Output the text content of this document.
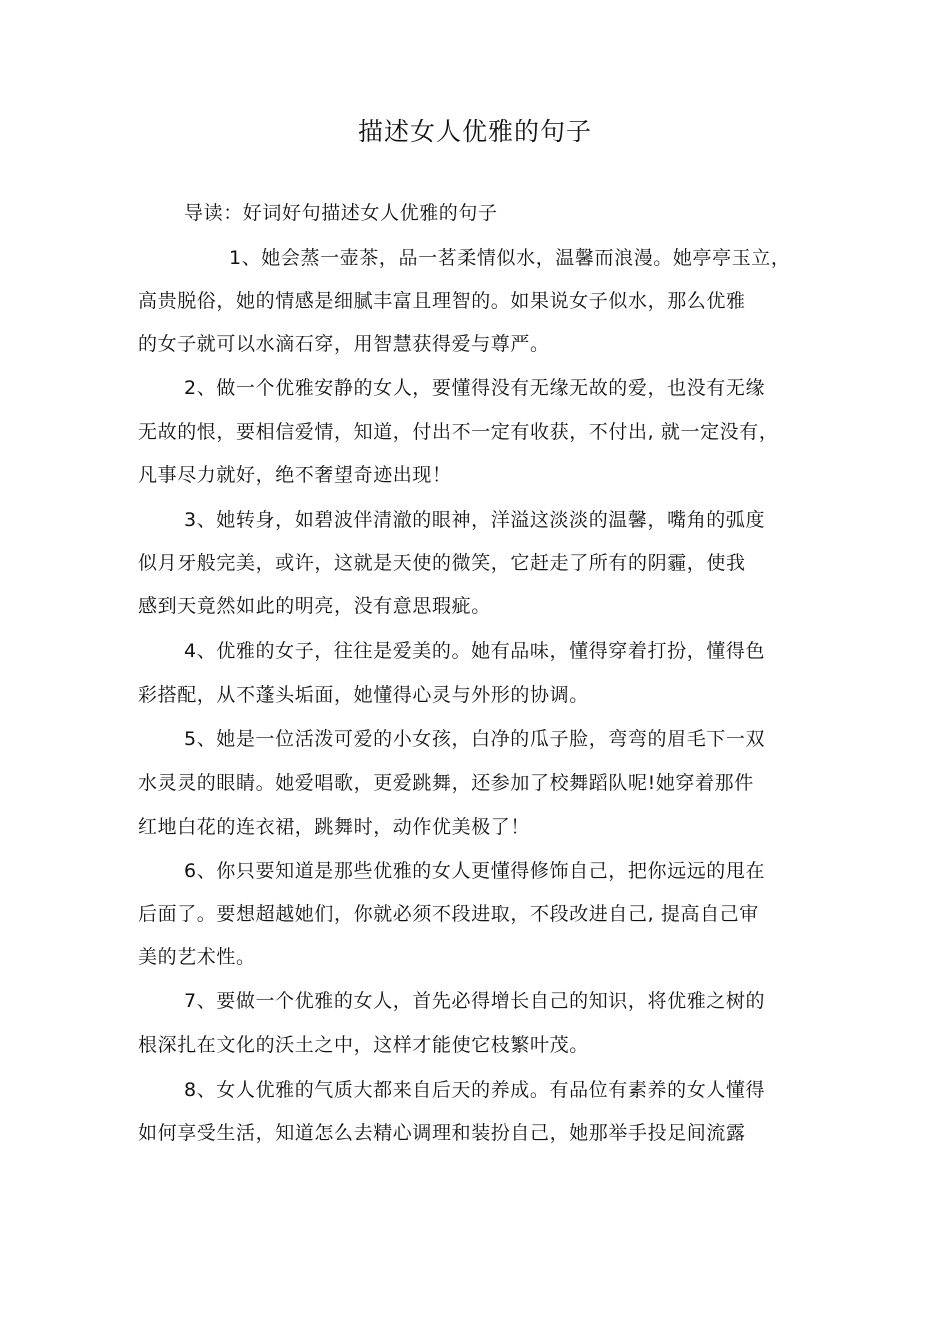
描述女人优雅的句子
导读：好词好句描述女人优雅的句子
1、她会蒸一壶茶，品一茗柔情似水，温馨而浪漫。她亭亭玉立，
高贵脱俗，她的情感是细腻丰富且理智的。如果说女子似水，那么优雅
的女子就可以水滴石穿，用智慧获得爱与尊严。
2、做一个优雅安静的女人，要懂得没有无缘无故的爱，也没有无缘
无故的恨，要相信爱情，知道，付出不一定有收获，不付出, 就一定没有，
凡事尽力就好，绝不奢望奇迹出现！
3、她转身，如碧波伴清澈的眼神，洋溢这淡淡的温馨，嘴角的弧度
似月牙般完美，或许，这就是天使的微笑，它赶走了所有的阴霾，使我
感到天竟然如此的明亮，没有意思瑕疵。
4、优雅的女子，往往是爱美的。她有品味，懂得穿着打扮，懂得色
彩搭配，从不蓬头垢面，她懂得心灵与外形的协调。
5、她是一位活泼可爱的小女孩，白净的瓜子脸，弯弯的眉毛下一双
水灵灵的眼睛。她爱唱歌，更爱跳舞，还参加了校舞蹈队呢!她穿着那件
红地白花的连衣裙，跳舞时，动作优美极了！
6、你只要知道是那些优雅的女人更懂得修饰自己，把你远远的甩在
后面了。要想超越她们，你就必须不段进取，不段改进自己, 提高自己审
美的艺术性。
7、要做一个优雅的女人，首先必得增长自己的知识，将优雅之树的
根深扎在文化的沃土之中，这样才能使它枝繁叶茂。
8、女人优雅的气质大都来自后天的养成。有品位有素养的女人懂得
如何享受生活，知道怎么去精心调理和装扮自己，她那举手投足间流露
